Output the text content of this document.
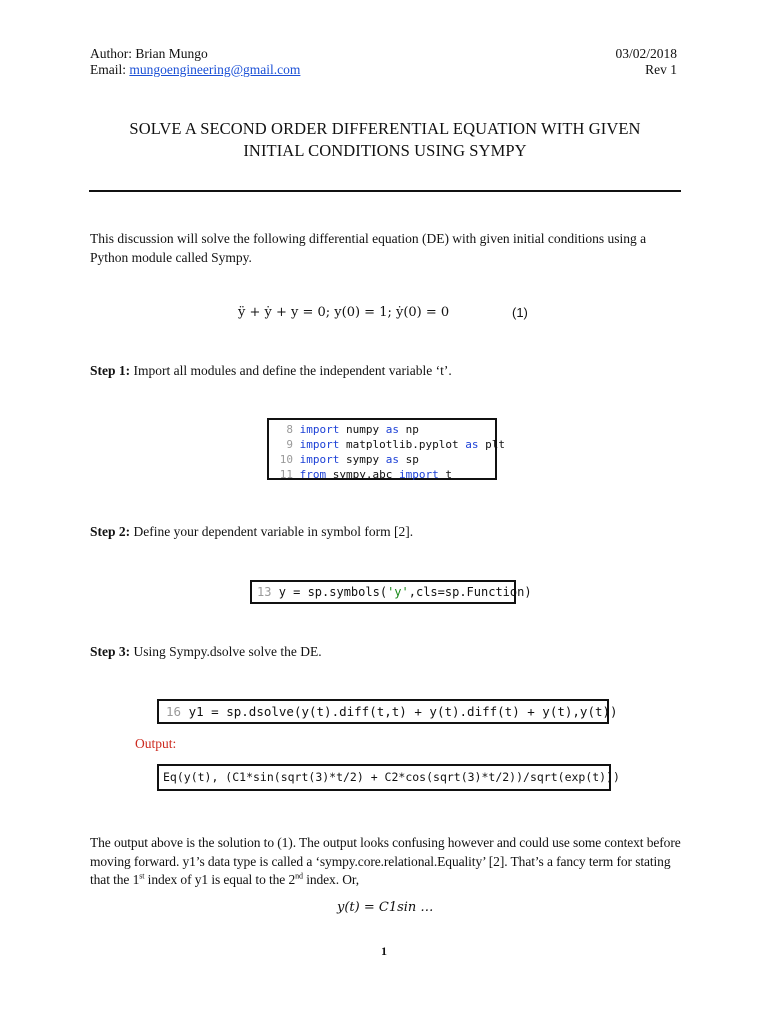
Author: Brian Mungo
Email: mungoengineering@gmail.com
03/02/2018
Rev 1
SOLVE A SECOND ORDER DIFFERENTIAL EQUATION WITH GIVEN
INITIAL CONDITIONS USING SYMPY
This discussion will solve the following differential equation (DE) with given initial conditions using a Python module called Sympy.
ÿ + ẏ + y = 0; y(0) = 1; ẏ(0) = 0	(1)
Step 1: Import all modules and define the independent variable ‘t’.
8 import numpy as np
9 import matplotlib.pyplot as plt
10 import sympy as sp
11 from sympy.abc import t
Step 2: Define your dependent variable in symbol form [2].
13 y = sp.symbols('y',cls=sp.Function)
Step 3: Using Sympy.dsolve solve the DE.
16 y1 = sp.dsolve(y(t).diff(t,t) + y(t).diff(t) + y(t),y(t))
Output:
Eq(y(t), (C1*sin(sqrt(3)*t/2) + C2*cos(sqrt(3)*t/2))/sqrt(exp(t)))
The output above is the solution to (1). The output looks confusing however and could use some context before moving forward. y1’s data type is called a ‘sympy.core.relational.Equality’ [2]. That’s a fancy term for stating that the 1st index of y1 is equal to the 2nd index. Or,
y(t) = C1sin …
1
